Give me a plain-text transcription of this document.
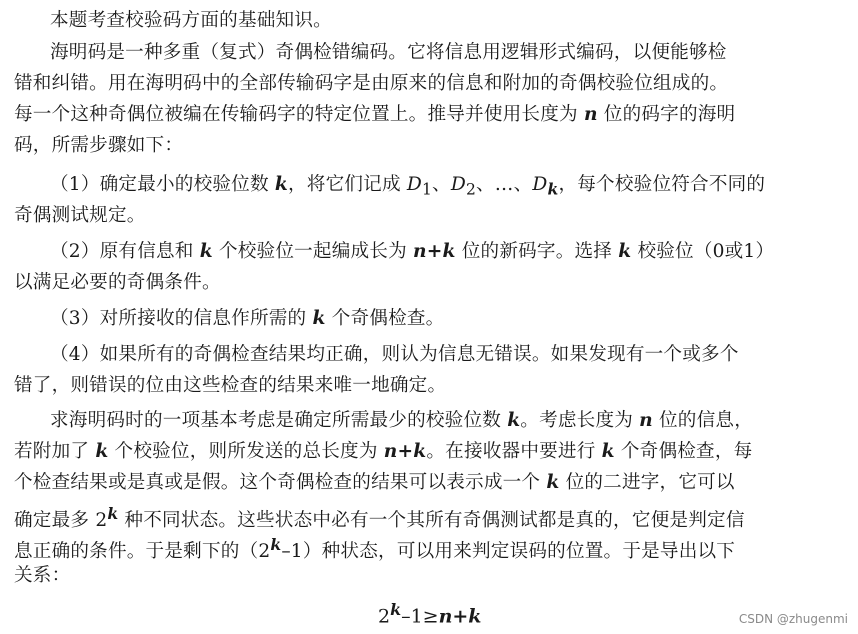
本题考查校验码方面的基础知识。
海明码是一种多重（复式）奇偶检错编码。它将信息用逻辑形式编码，以便能够检
错和纠错。用在海明码中的全部传输码字是由原来的信息和附加的奇偶校验位组成的。
每一个这种奇偶位被编在传输码字的特定位置上。推导并使用长度为 n 位的码字的海明
码，所需步骤如下：
（1）确定最小的校验位数 k，将它们记成 $D_1$、$D_2$、…、$D_k$，每个校验位符合不同的
奇偶测试规定。
（2）原有信息和 k 个校验位一起编成长为 n+k 位的新码字。选择 k 校验位（0或1）
以满足必要的奇偶条件。
（3）对所接收的信息作所需的 k 个奇偶检查。
（4）如果所有的奇偶检查结果均正确，则认为信息无错误。如果发现有一个或多个
错了，则错误的位由这些检查的结果来唯一地确定。
求海明码时的一项基本考虑是确定所需最少的校验位数 k。考虑长度为 n 位的信息，
若附加了 k 个校验位，则所发送的总长度为 n+k。在接收器中要进行 k 个奇偶检查，每
个检查结果或是真或是假。这个奇偶检查的结果可以表示成一个 k 位的二进字，它可以
确定最多 2$^k$ 种不同状态。这些状态中必有一个其所有奇偶测试都是真的，它便是判定信
息正确的条件。于是剩下的（2$^k$–1）种状态，可以用来判定误码的位置。于是导出以下
关系：
$2^k-1\ge n+k$	CSDN @zhugenmi
